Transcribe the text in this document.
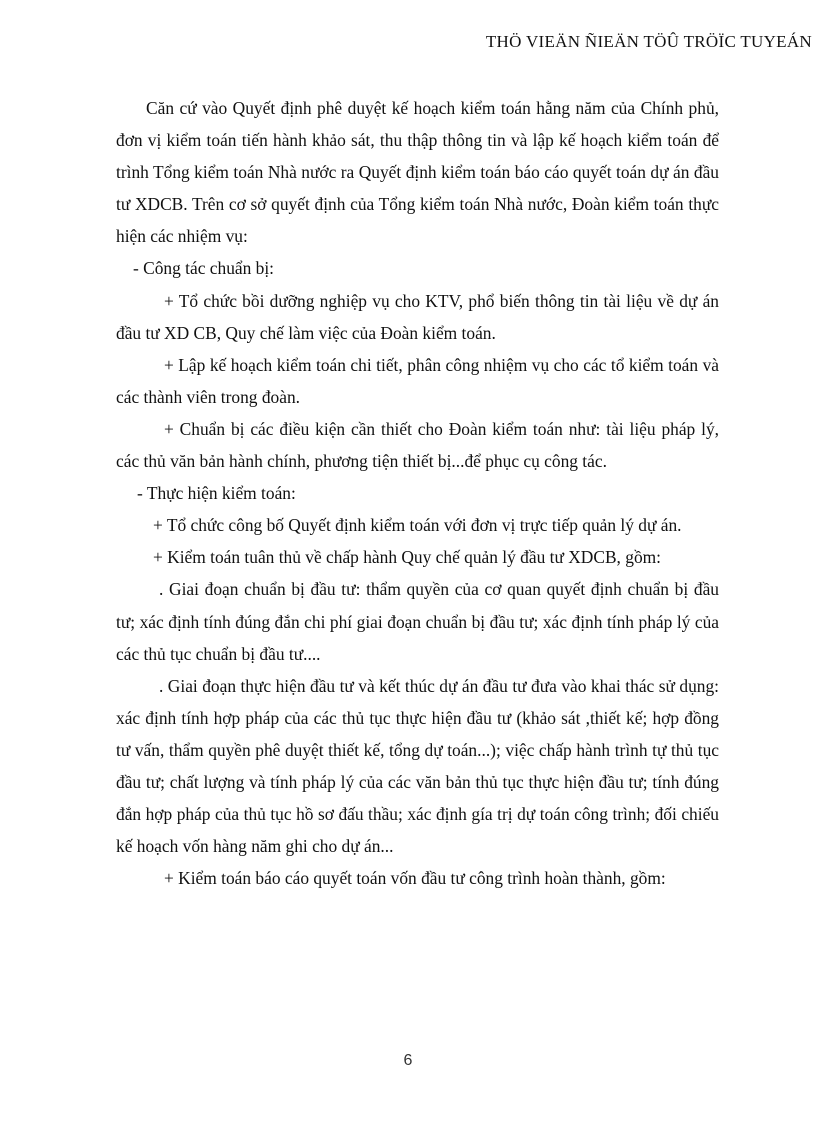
THÖ VIEÄN ÑIEÄN TÖÛ TRÖÏC TUYEÁN

Căn cứ vào Quyết định phê duyệt kế hoạch kiểm toán hằng năm của Chính phủ, đơn vị kiểm toán tiến hành khảo sát, thu thập thông tin và lập kế hoạch kiểm toán để trình Tổng kiểm toán Nhà nước ra Quyết định kiểm toán báo cáo quyết toán dự án đầu tư XDCB. Trên cơ sở quyết định của Tổng kiểm toán Nhà nước, Đoàn kiểm toán thực hiện các nhiệm vụ:

- Công tác chuẩn bị:

+ Tổ chức bồi dưỡng nghiệp vụ cho KTV, phổ biến thông tin tài liệu về dự án đầu tư XD CB, Quy chế làm việc của Đoàn kiểm toán.

+ Lập kế hoạch kiểm toán chi tiết, phân công nhiệm vụ cho các tổ kiểm toán và các thành viên trong đoàn.

+ Chuẩn bị các điều kiện cần thiết cho Đoàn kiểm toán như: tài liệu pháp lý, các thủ văn bản hành chính, phương tiện thiết bị...để phục cụ công tác.

- Thực hiện kiểm toán:

+ Tổ chức công bố Quyết định kiểm toán với đơn vị trực tiếp quản lý dự án.

+ Kiểm toán tuân thủ về chấp hành Quy chế quản lý đầu tư XDCB, gồm:

. Giai đoạn chuẩn bị đầu tư: thẩm quyền của cơ quan quyết định chuẩn bị đầu tư; xác định tính đúng đắn chi phí giai đoạn chuẩn bị đầu tư; xác định tính pháp lý của các thủ tục chuẩn bị đầu tư....

. Giai đoạn thực hiện đầu tư và kết thúc dự án đầu tư đưa vào khai thác sử dụng: xác định tính hợp pháp của các thủ tục thực hiện đầu tư (khảo sát ,thiết kế; hợp đồng tư vấn, thẩm quyền phê duyệt thiết kế, tổng dự toán...); việc chấp hành trình tự thủ tục đầu tư; chất lượng và tính pháp lý của các văn bản thủ tục thực hiện đầu tư; tính đúng đắn hợp pháp của thủ tục hồ sơ đấu thầu; xác định gía trị dự toán công trình; đối chiếu kế hoạch vốn hàng năm ghi cho dự án...

+ Kiểm toán báo cáo quyết toán vốn đầu tư công trình hoàn thành, gồm:

6
